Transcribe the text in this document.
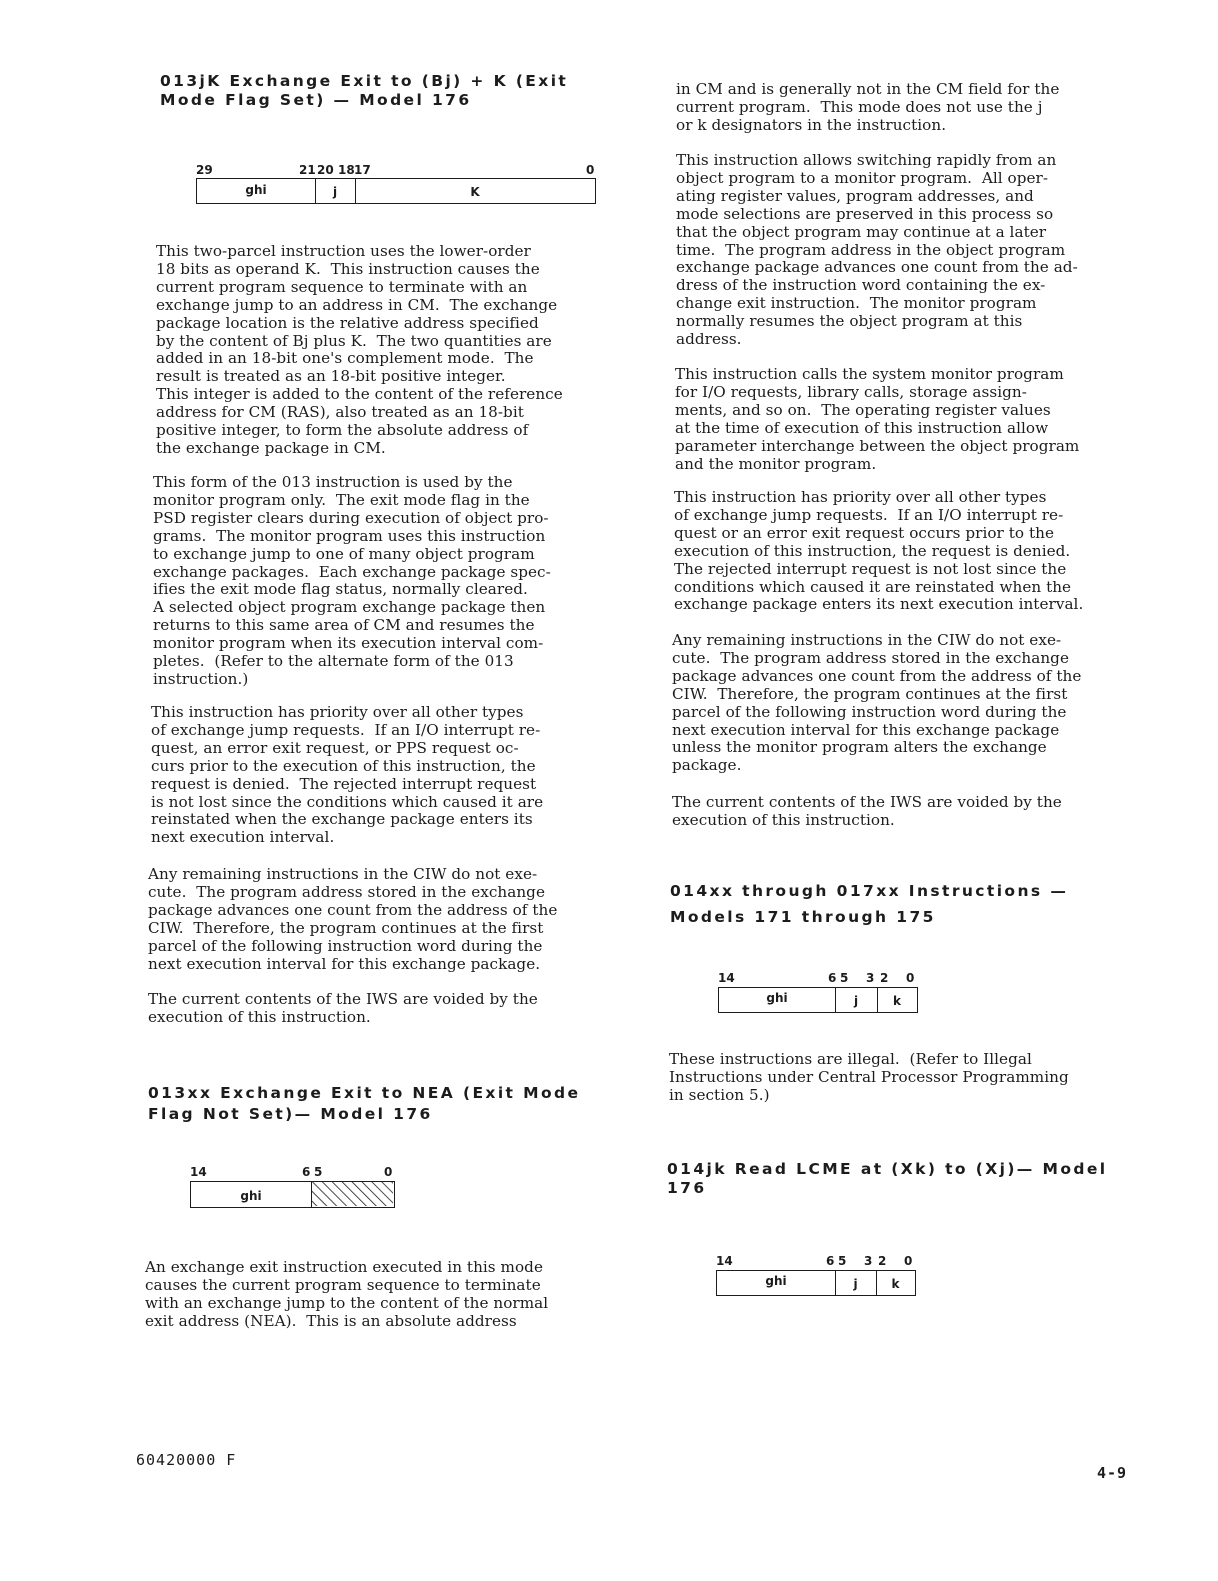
013jK Exchange Exit to (Bj) + K (Exit Mode Flag Set) — Model 176
29	21 20 18 17	0
ghi	j	K
This two-parcel instruction uses the lower-order
18 bits as operand K.  This instruction causes the
current program sequence to terminate with an
exchange jump to an address in CM.  The exchange
package location is the relative address specified
by the content of Bj plus K.  The two quantities are
added in an 18-bit one's complement mode.  The
result is treated as an 18-bit positive integer.
This integer is added to the content of the reference
address for CM (RAS), also treated as an 18-bit
positive integer, to form the absolute address of
the exchange package in CM.
This form of the 013 instruction is used by the
monitor program only.  The exit mode flag in the
PSD register clears during execution of object pro-
grams.  The monitor program uses this instruction
to exchange jump to one of many object program
exchange packages.  Each exchange package spec-
ifies the exit mode flag status, normally cleared.
A selected object program exchange package then
returns to this same area of CM and resumes the
monitor program when its execution interval com-
pletes.  (Refer to the alternate form of the 013
instruction.)
This instruction has priority over all other types
of exchange jump requests.  If an I/O interrupt re-
quest, an error exit request, or PPS request oc-
curs prior to the execution of this instruction, the
request is denied.  The rejected interrupt request
is not lost since the conditions which caused it are
reinstated when the exchange package enters its
next execution interval.
Any remaining instructions in the CIW do not exe-
cute.  The program address stored in the exchange
package advances one count from the address of the
CIW.  Therefore, the program continues at the first
parcel of the following instruction word during the
next execution interval for this exchange package.
The current contents of the IWS are voided by the
execution of this instruction.
013xx Exchange Exit to NEA (Exit Mode Flag Not Set)— Model 176
14	6 5	0
ghi
An exchange exit instruction executed in this mode
causes the current program sequence to terminate
with an exchange jump to the content of the normal
exit address (NEA).  This is an absolute address
in CM and is generally not in the CM field for the
current program.  This mode does not use the j
or k designators in the instruction.
This instruction allows switching rapidly from an
object program to a monitor program.  All oper-
ating register values, program addresses, and
mode selections are preserved in this process so
that the object program may continue at a later
time.  The program address in the object program
exchange package advances one count from the ad-
dress of the instruction word containing the ex-
change exit instruction.  The monitor program
normally resumes the object program at this
address.
This instruction calls the system monitor program
for I/O requests, library calls, storage assign-
ments, and so on.  The operating register values
at the time of execution of this instruction allow
parameter interchange between the object program
and the monitor program.
This instruction has priority over all other types
of exchange jump requests.  If an I/O interrupt re-
quest or an error exit request occurs prior to the
execution of this instruction, the request is denied.
The rejected interrupt request is not lost since the
conditions which caused it are reinstated when the
exchange package enters its next execution interval.
Any remaining instructions in the CIW do not exe-
cute.  The program address stored in the exchange
package advances one count from the address of the
CIW.  Therefore, the program continues at the first
parcel of the following instruction word during the
next execution interval for this exchange package
unless the monitor program alters the exchange
package.
The current contents of the IWS are voided by the
execution of this instruction.
014xx through 017xx Instructions — Models 171 through 175
14	6 5 3 2 0
ghi	j	k
These instructions are illegal.  (Refer to Illegal
Instructions under Central Processor Programming
in section 5.)
014jk Read LCME at (Xk) to (Xj)— Model 176
14	6 5 3 2 0
ghi	j	k
60420000 F
4-9
